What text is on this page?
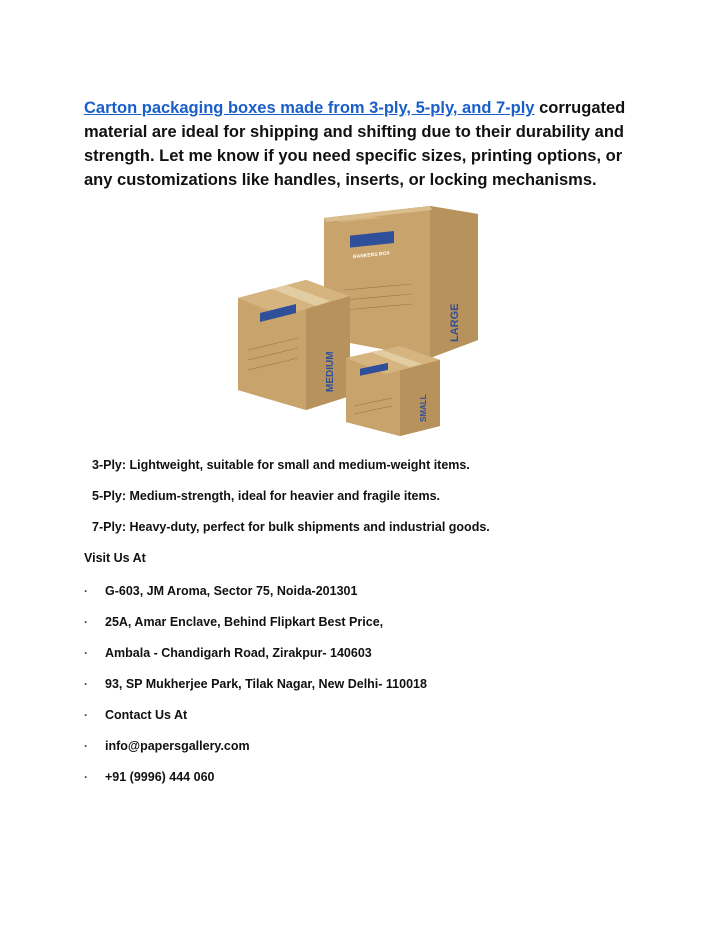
Carton packaging boxes made from 3-ply, 5-ply, and 7-ply corrugated material are ideal for shipping and shifting due to their durability and strength. Let me know if you need specific sizes, printing options, or any customizations like handles, inserts, or locking mechanisms.

BANKERS BOX
LARGE
MEDIUM
SMALL

3-Ply: Lightweight, suitable for small and medium-weight items.

5-Ply: Medium-strength, ideal for heavier and fragile items.

7-Ply: Heavy-duty, perfect for bulk shipments and industrial goods.

Visit Us At

·	G-603, JM Aroma, Sector 75, Noida-201301
·	25A, Amar Enclave, Behind Flipkart Best Price,
·	Ambala - Chandigarh Road, Zirakpur- 140603
·	93, SP Mukherjee Park, Tilak Nagar, New Delhi- 110018
·	Contact Us At
·	info@papersgallery.com
·	+91 (9996) 444 060
